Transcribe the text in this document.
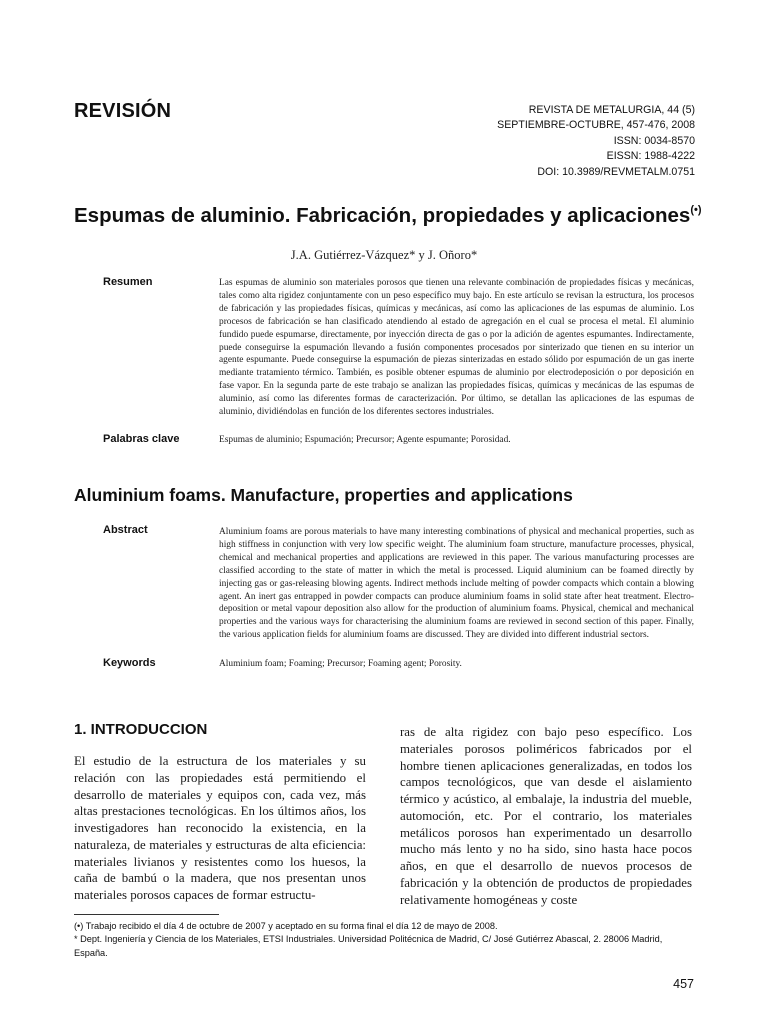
REVISIÓN	REVISTA DE METALURGIA, 44 (5)
SEPTIEMBRE-OCTUBRE, 457-476, 2008
ISSN: 0034-8570
EISSN: 1988-4222
DOI: 10.3989/REVMETALM.0751
Espumas de aluminio. Fabricación, propiedades y aplicaciones(•)
J.A. Gutiérrez-Vázquez* y J. Oñoro*
Resumen	Las espumas de aluminio son materiales porosos que tienen una relevante combinación de propiedades físicas y mecánicas, tales como alta rigidez conjuntamente con un peso específico muy bajo. En este artículo se revisan la estructura, los procesos de fabricación y las propiedades físicas, químicas y mecánicas, así como las aplicaciones de las espumas de aluminio. Los procesos de fabricación se han clasificado atendiendo al estado de agregación en el cual se procesa el metal. El aluminio fundido puede espumarse, directamente, por inyección directa de gas o por la adición de agentes espumantes. Indirectamente, puede conseguirse la espumación llevando a fusión componentes procesados por sinterizado que tienen en su interior un agente espumante. Puede conseguirse la espumación de piezas sinterizadas en estado sólido por espumación de un gas inerte mediante tratamiento térmico. También, es posible obtener espumas de aluminio por electrodeposición o por deposición en fase vapor. En la segunda parte de este trabajo se analizan las propiedades físicas, químicas y mecánicas de las espumas de aluminio, así como las diferentes formas de caracterización. Por último, se detallan las aplicaciones de las espumas de aluminio, dividiéndolas en función de los diferentes sectores industriales.
Palabras clave	Espumas de aluminio; Espumación; Precursor; Agente espumante; Porosidad.
Aluminium foams. Manufacture, properties and applications
Abstract	Aluminium foams are porous materials to have many interesting combinations of physical and mechanical properties, such as high stiffness in conjunction with very low specific weight. The aluminium foam structure, manufacture processes, physical, chemical and mechanical properties and applications are reviewed in this paper. The various manufacturing processes are classified according to the state of matter in which the metal is processed. Liquid aluminium can be foamed directly by injecting gas or gas-releasing blowing agents. Indirect methods include melting of powder compacts which contain a blowing agent. An inert gas entrapped in powder compacts can produce aluminium foams in solid state after heat treatment. Electro-deposition or metal vapour deposition also allow for the production of aluminium foams. Physical, chemical and mechanical properties and the various ways for characterising the aluminium foams are reviewed in second section of this paper. Finally, the various application fields for aluminium foams are discussed. They are divided into different industrial sectors.
Keywords	Aluminium foam; Foaming; Precursor; Foaming agent; Porosity.
1. INTRODUCCION
El estudio de la estructura de los materiales y su relación con las propiedades está permitiendo el desarrollo de materiales y equipos con, cada vez, más altas prestaciones tecnológicas. En los últimos años, los investigadores han reconocido la existencia, en la naturaleza, de materiales y estructuras de alta eficiencia: materiales livianos y resistentes como los huesos, la caña de bambú o la madera, que nos presentan unos materiales porosos capaces de formar estructu-
ras de alta rigidez con bajo peso específico. Los materiales porosos poliméricos fabricados por el hombre tienen aplicaciones generalizadas, en todos los campos tecnológicos, que van desde el aislamiento térmico y acústico, al embalaje, la industria del mueble, automoción, etc. Por el contrario, los materiales metálicos porosos han experimentado un desarrollo mucho más lento y no ha sido, sino hasta hace pocos años, en que el desarrollo de nuevos procesos de fabricación y la obtención de productos de propiedades relativamente homogéneas y coste
(•) Trabajo recibido el día 4 de octubre de 2007 y aceptado en su forma final el día 12 de mayo de 2008.
* Dept. Ingeniería y Ciencia de los Materiales, ETSI Industriales. Universidad Politécnica de Madrid, C/ José Gutiérrez Abascal, 2. 28006 Madrid, España.
457
